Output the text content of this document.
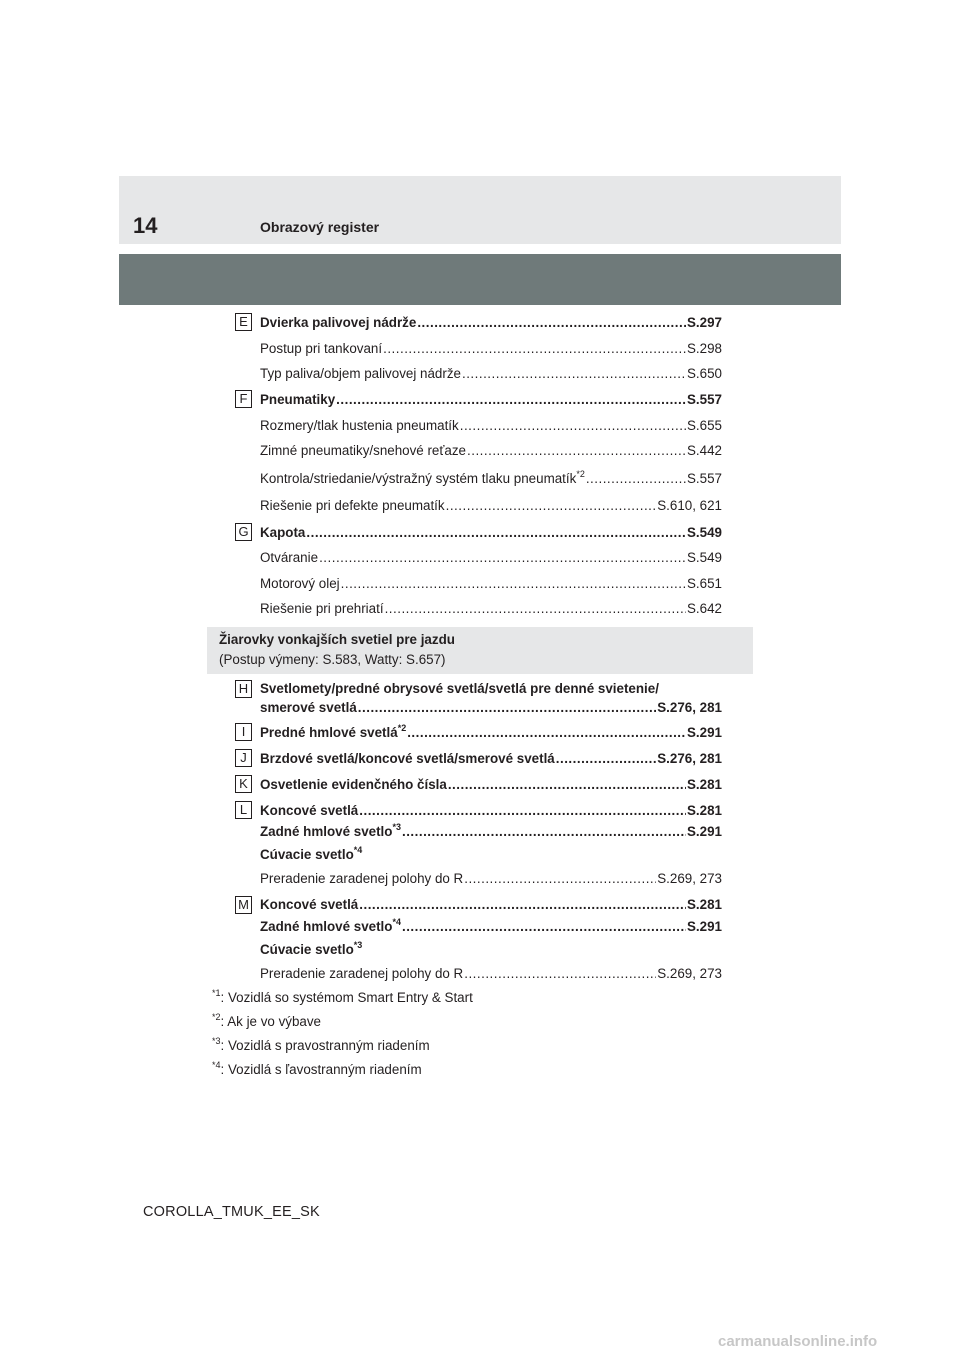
14	Obrazový register
E Dvierka palivovej nádrže .....	S.297
Postup pri tankovaní .....	S.298
Typ paliva/objem palivovej nádrže .....	S.650
F Pneumatiky .....	S.557
Rozmery/tlak hustenia pneumatík .....	S.655
Zimné pneumatiky/snehové reťaze .....	S.442
Kontrola/striedanie/výstražný systém tlaku pneumatík$^{*2}$ .....	S.557
Riešenie pri defekte pneumatík .....	S.610, 621
G Kapota .....	S.549
Otváranie .....	S.549
Motorový olej .....	S.651
Riešenie pri prehriatí .....	S.642
Žiarovky vonkajších svetiel pre jazdu
(Postup výmeny: S.583, Watty: S.657)
H Svetlomety/predné obrysové svetlá/svetlá pre denné svietenie/
smerové svetlá .....	S.276, 281
I	Predné hmlové svetlá$^{*2}$ .....	S.291
J Brzdové svetlá/koncové svetlá/smerové svetlá .....	S.276, 281
K Osvetlenie evidenčného čísla .....	S.281
L Koncové svetlá .....	S.281
Zadné hmlové svetlo$^{*3}$ .....	S.291
Cúvacie svetlo$^{*4}$
Preradenie zaradenej polohy do R .....	S.269, 273
M Koncové svetlá .....	S.281
Zadné hmlové svetlo$^{*4}$ .....	S.291
Cúvacie svetlo$^{*3}$
Preradenie zaradenej polohy do R .....	S.269, 273
$^{*1}$: Vozidlá so systémom Smart Entry & Start
$^{*2}$: Ak je vo výbave
$^{*3}$: Vozidlá s pravostranným riadením
$^{*4}$: Vozidlá s ľavostranným riadením
COROLLA_TMUK_EE_SK
carmanualsonline.info
